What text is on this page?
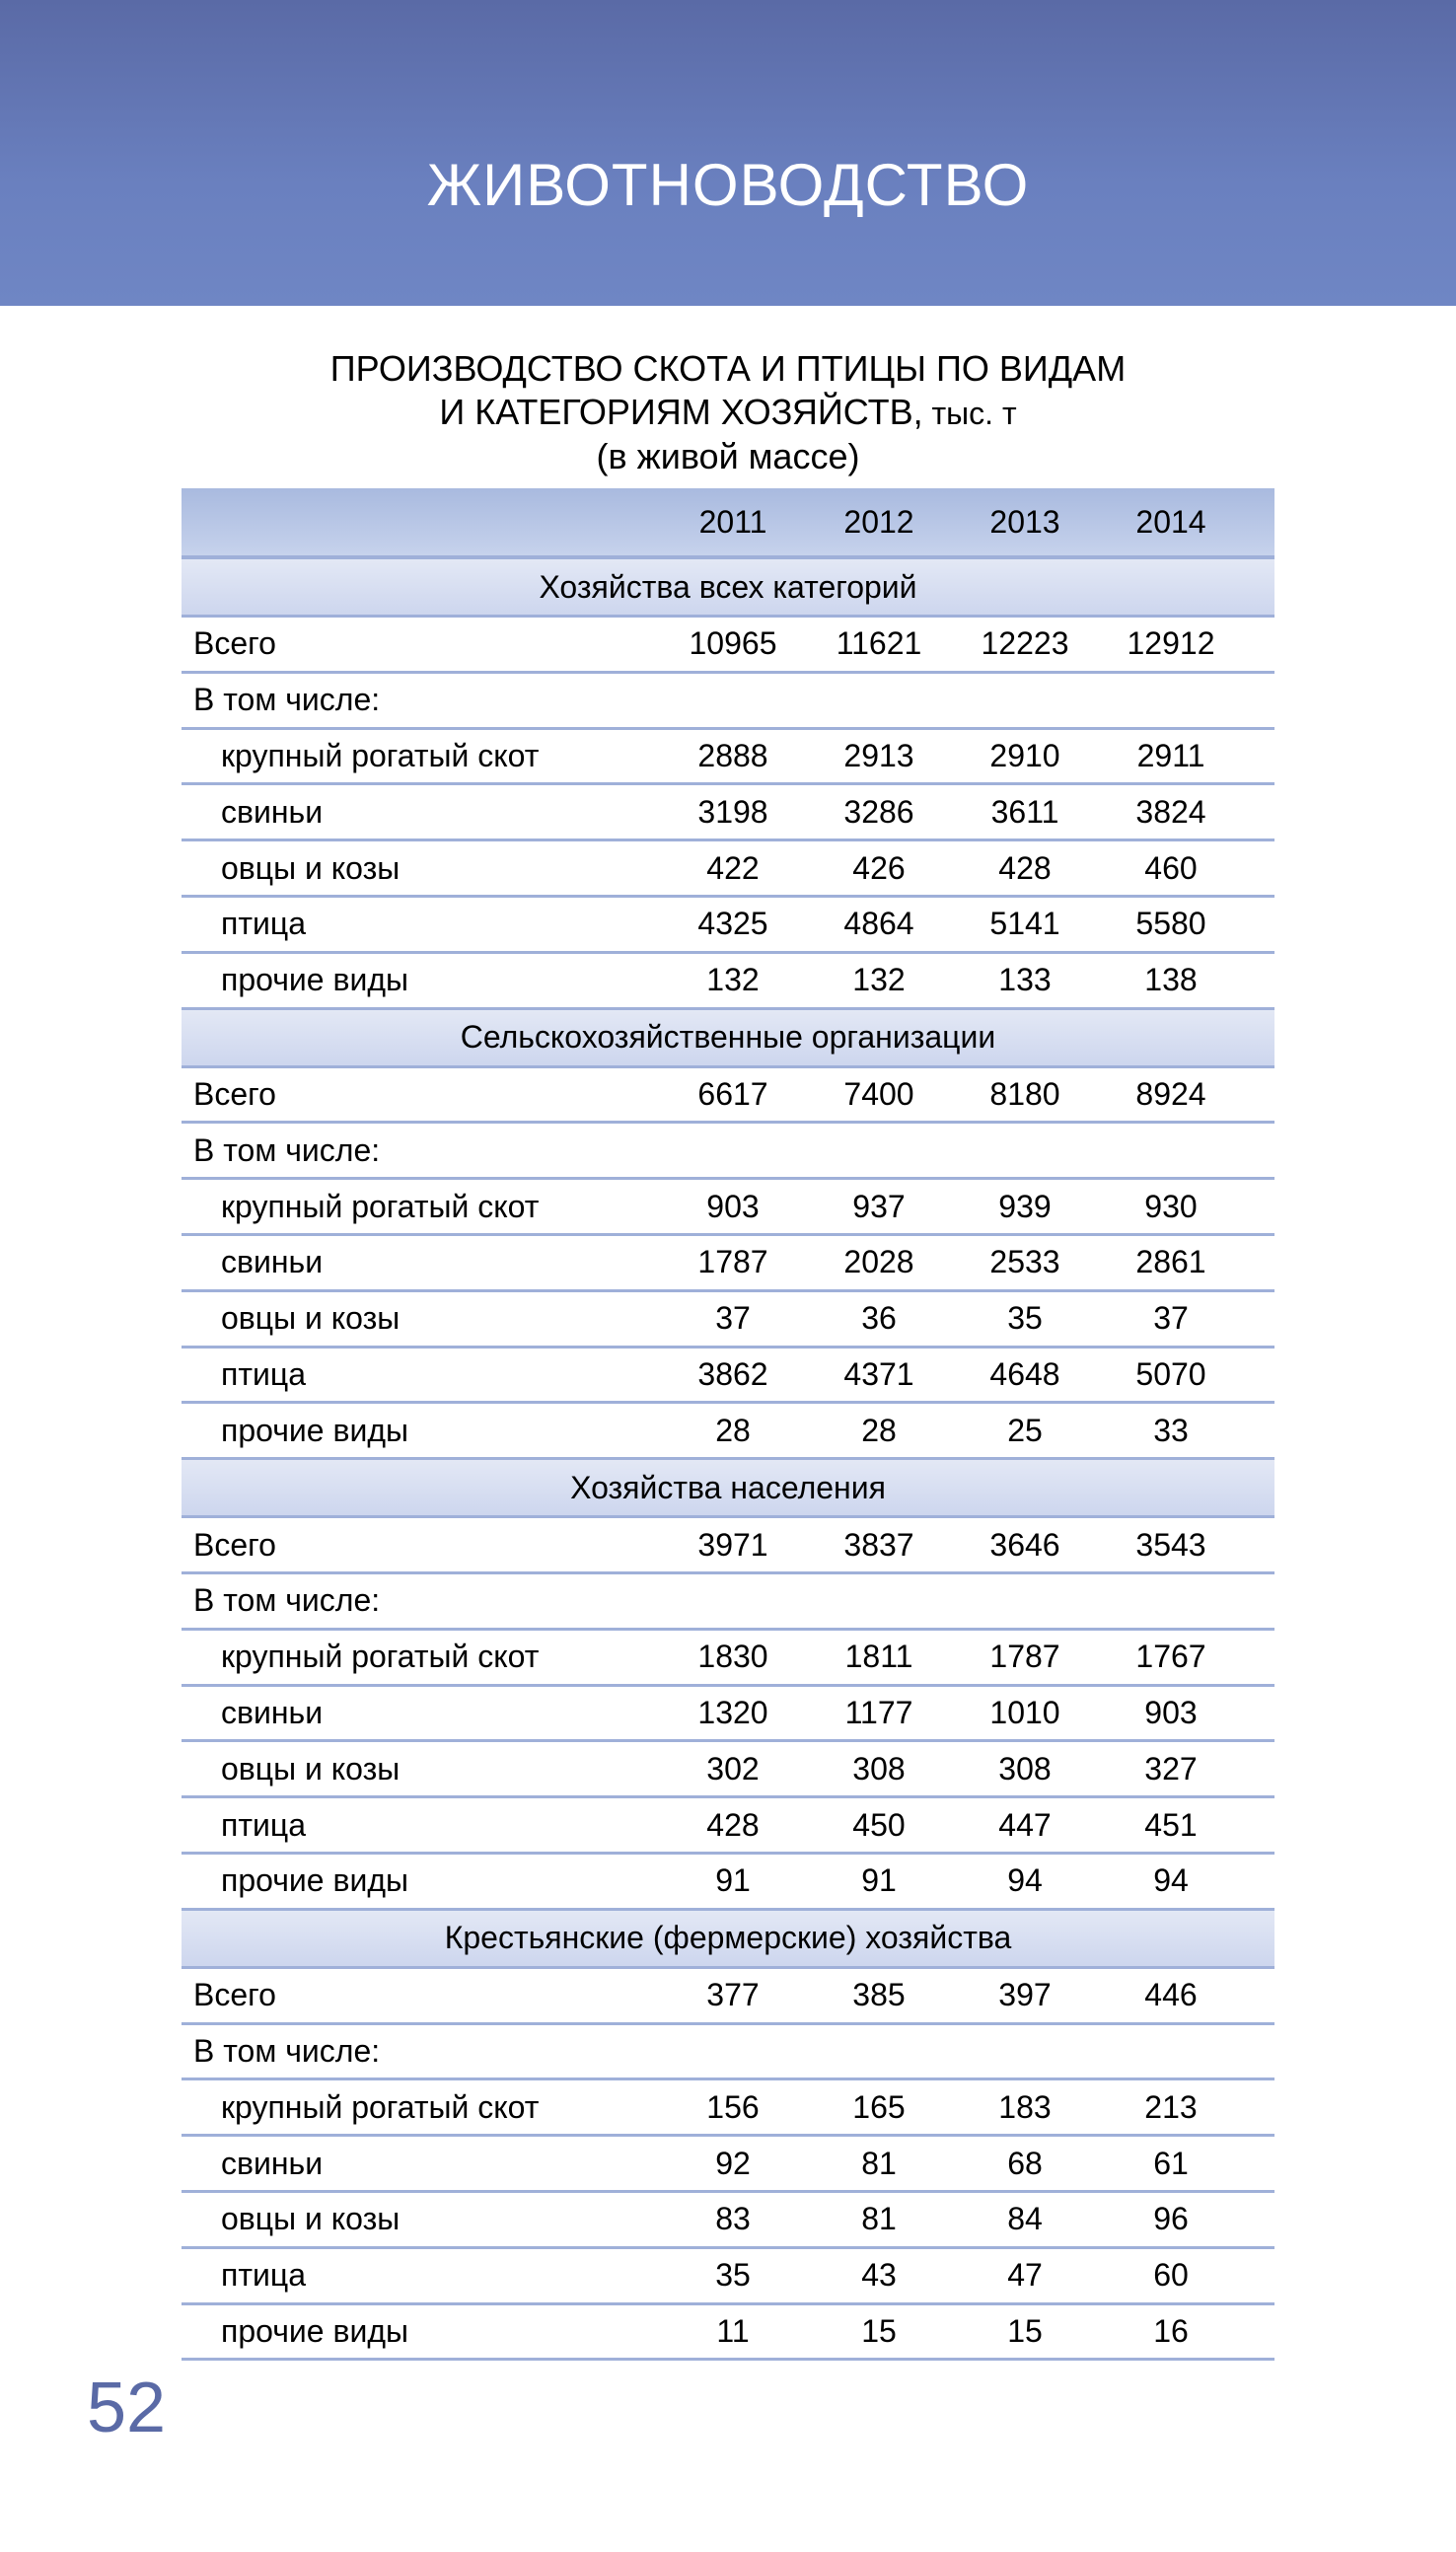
ЖИВОТНОВОДСТВО
ПРОИЗВОДСТВО СКОТА И ПТИЦЫ ПО ВИДАМ
И КАТЕГОРИЯМ ХОЗЯЙСТВ, тыс. т
(в живой массе)
2011	2012	2013	2014
Хозяйства всех категорий
Всего	10965	11621	12223	12912
В том числе:
крупный рогатый скот	2888	2913	2910	2911
свиньи	3198	3286	3611	3824
овцы и козы	422	426	428	460
птица	4325	4864	5141	5580
прочие виды	132	132	133	138
Сельскохозяйственные организации
Всего	6617	7400	8180	8924
В том числе:
крупный рогатый скот	903	937	939	930
свиньи	1787	2028	2533	2861
овцы и козы	37	36	35	37
птица	3862	4371	4648	5070
прочие виды	28	28	25	33
Хозяйства населения
Всего	3971	3837	3646	3543
В том числе:
крупный рогатый скот	1830	1811	1787	1767
свиньи	1320	1177	1010	903
овцы и козы	302	308	308	327
птица	428	450	447	451
прочие виды	91	91	94	94
Крестьянские (фермерские) хозяйства
Всего	377	385	397	446
В том числе:
крупный рогатый скот	156	165	183	213
свиньи	92	81	68	61
овцы и козы	83	81	84	96
птица	35	43	47	60
прочие виды	11	15	15	16
52
